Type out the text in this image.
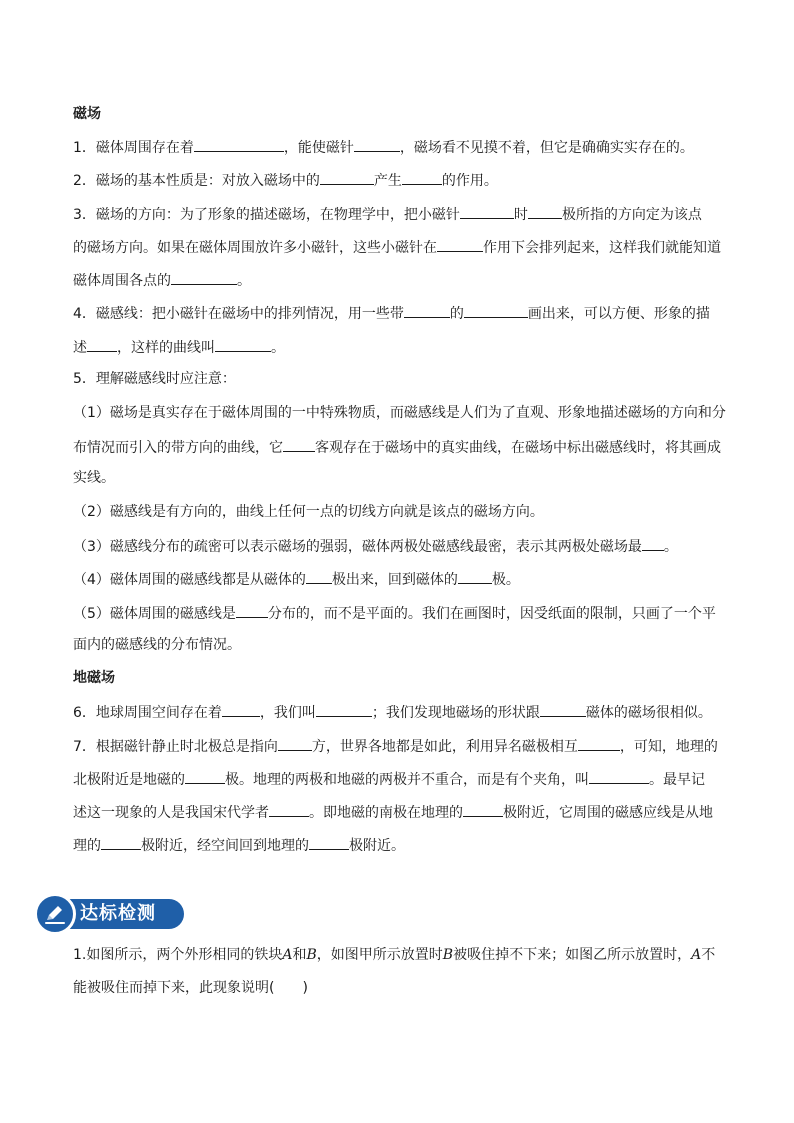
磁场
1．磁体周围存在着	，能使磁针	，磁场看不见摸不着，但它是确确实实存在的。
2．磁场的基本性质是：对放入磁场中的	产生	的作用。
3．磁场的方向：为了形象的描述磁场，在物理学中，把小磁针	时 极所指的方向定为该点
的磁场方向。如果在磁体周围放许多小磁针，这些小磁针在	作用下会排列起来，这样我们就能知道
磁体周围各点的	。
4．磁感线：把小磁针在磁场中的排列情况，用一些带	的	画出来，可以方便、形象的描
述 ，这样的曲线叫	。
5．理解磁感线时应注意：
（1）磁场是真实存在于磁体周围的一中特殊物质，而磁感线是人们为了直观、形象地描述磁场的方向和分
布情况而引入的带方向的曲线，它 客观存在于磁场中的真实曲线，在磁场中标出磁感线时，将其画成
实线。
（2）磁感线是有方向的，曲线上任何一点的切线方向就是该点的磁场方向。
（3）磁感线分布的疏密可以表示磁场的强弱，磁体两极处磁感线最密，表示其两极处磁场最 。
（4）磁体周围的磁感线都是从磁体的 极出来，回到磁体的 极。
（5）磁体周围的磁感线是 分布的，而不是平面的。我们在画图时，因受纸面的限制，只画了一个平
面内的磁感线的分布情况。
地磁场
6．地球周围空间存在着	，我们叫	；我们发现地磁场的形状跟	磁体的磁场很相似。
7．根据磁针静止时北极总是指向 方，世界各地都是如此，利用异名磁极相互	，可知，地理的
北极附近是地磁的	极。地理的两极和地磁的两极并不重合，而是有个夹角，叫	。最早记
述这一现象的人是我国宋代学者	。即地磁的南极在地理的	极附近，它周围的磁感应线是从地
理的	极附近，经空间回到地理的	极附近。
达标检测
1.如图所示，两个外形相同的铁块A和B，如图甲所示放置时B被吸住掉不下来；如图乙所示放置时，A不
能被吸住而掉下来，此现象说明(　　)
